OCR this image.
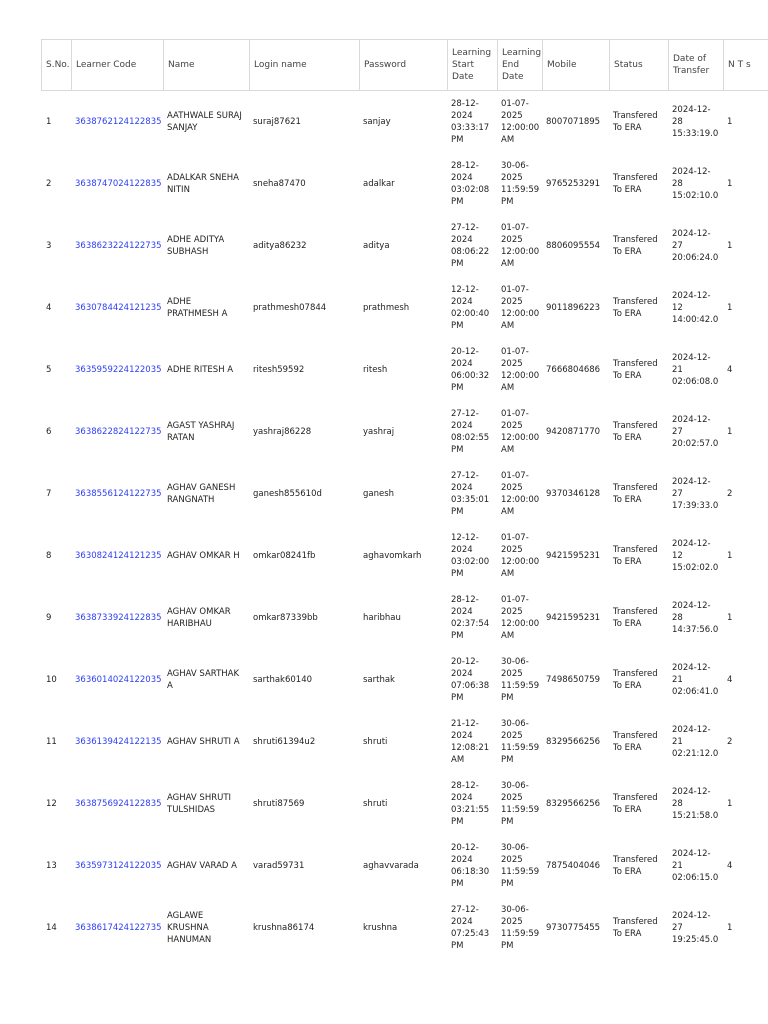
S.No.	Learner Code	Name	Login name	Password	Learning Start Date	Learning End Date	Mobile	Status	Date of Transfer	N T s
1	3638762124122835	AATHWALE SURAJ SANJAY	suraj87621	sanjay	28-12-2024 03:33:17 PM	01-07-2025 12:00:00 AM	8007071895	Transfered To ERA	2024-12-28 15:33:19.0	1
2	3638747024122835	ADALKAR SNEHA NITIN	sneha87470	adalkar	28-12-2024 03:02:08 PM	30-06-2025 11:59:59 PM	9765253291	Transfered To ERA	2024-12-28 15:02:10.0	1
3	3638623224122735	ADHE ADITYA SUBHASH	aditya86232	aditya	27-12-2024 08:06:22 PM	01-07-2025 12:00:00 AM	8806095554	Transfered To ERA	2024-12-27 20:06:24.0	1
4	3630784424121235	ADHE PRATHMESH A	prathmesh07844	prathmesh	12-12-2024 02:00:40 PM	01-07-2025 12:00:00 AM	9011896223	Transfered To ERA	2024-12-12 14:00:42.0	1
5	3635959224122035	ADHE RITESH A	ritesh59592	ritesh	20-12-2024 06:00:32 PM	01-07-2025 12:00:00 AM	7666804686	Transfered To ERA	2024-12-21 02:06:08.0	4
6	3638622824122735	AGAST YASHRAJ RATAN	yashraj86228	yashraj	27-12-2024 08:02:55 PM	01-07-2025 12:00:00 AM	9420871770	Transfered To ERA	2024-12-27 20:02:57.0	1
7	3638556124122735	AGHAV GANESH RANGNATH	ganesh855610d	ganesh	27-12-2024 03:35:01 PM	01-07-2025 12:00:00 AM	9370346128	Transfered To ERA	2024-12-27 17:39:33.0	2
8	3630824124121235	AGHAV OMKAR H	omkar08241fb	aghavomkarh	12-12-2024 03:02:00 PM	01-07-2025 12:00:00 AM	9421595231	Transfered To ERA	2024-12-12 15:02:02.0	1
9	3638733924122835	AGHAV OMKAR HARIBHAU	omkar87339bb	haribhau	28-12-2024 02:37:54 PM	01-07-2025 12:00:00 AM	9421595231	Transfered To ERA	2024-12-28 14:37:56.0	1
10	3636014024122035	AGHAV SARTHAK A	sarthak60140	sarthak	20-12-2024 07:06:38 PM	30-06-2025 11:59:59 PM	7498650759	Transfered To ERA	2024-12-21 02:06:41.0	4
11	3636139424122135	AGHAV SHRUTI A	shruti61394u2	shruti	21-12-2024 12:08:21 AM	30-06-2025 11:59:59 PM	8329566256	Transfered To ERA	2024-12-21 02:21:12.0	2
12	3638756924122835	AGHAV SHRUTI TULSHIDAS	shruti87569	shruti	28-12-2024 03:21:55 PM	30-06-2025 11:59:59 PM	8329566256	Transfered To ERA	2024-12-28 15:21:58.0	1
13	3635973124122035	AGHAV VARAD A	varad59731	aghavvarada	20-12-2024 06:18:30 PM	30-06-2025 11:59:59 PM	7875404046	Transfered To ERA	2024-12-21 02:06:15.0	4
14	3638617424122735	AGLAWE KRUSHNA HANUMAN	krushna86174	krushna	27-12-2024 07:25:43 PM	30-06-2025 11:59:59 PM	9730775455	Transfered To ERA	2024-12-27 19:25:45.0	1
